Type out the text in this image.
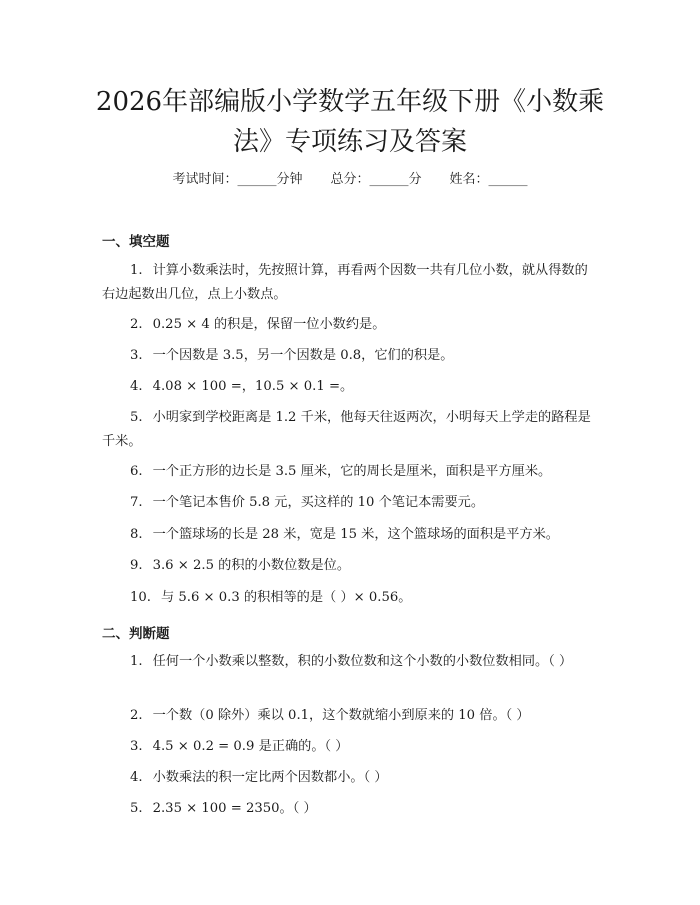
2026年部编版小学数学五年级下册《小数乘法》专项练习及答案
考试时间：______分钟 总分：______分 姓名：______
一、填空题
1. 计算小数乘法时，先按照计算，再看两个因数一共有几位小数，就从得数的右边起数出几位，点上小数点。
2. 0.25 × 4 的积是，保留一位小数约是。
3. 一个因数是 3.5，另一个因数是 0.8，它们的积是。
4. 4.08 × 100 =，10.5 × 0.1 =。
5. 小明家到学校距离是 1.2 千米，他每天往返两次，小明每天上学走的路程是千米。
6. 一个正方形的边长是 3.5 厘米，它的周长是厘米，面积是平方厘米。
7. 一个笔记本售价 5.8 元，买这样的 10 个笔记本需要元。
8. 一个篮球场的长是 28 米，宽是 15 米，这个篮球场的面积是平方米。
9. 3.6 × 2.5 的积的小数位数是位。
10. 与 5.6 × 0.3 的积相等的是（ ）× 0.56。
二、判断题
1. 任何一个小数乘以整数，积的小数位数和这个小数的小数位数相同。（ ）
2. 一个数（0 除外）乘以 0.1，这个数就缩小到原来的 10 倍。（ ）
3. 4.5 × 0.2 = 0.9 是正确的。（ ）
4. 小数乘法的积一定比两个因数都小。（ ）
5. 2.35 × 100 = 2350。（ ）
